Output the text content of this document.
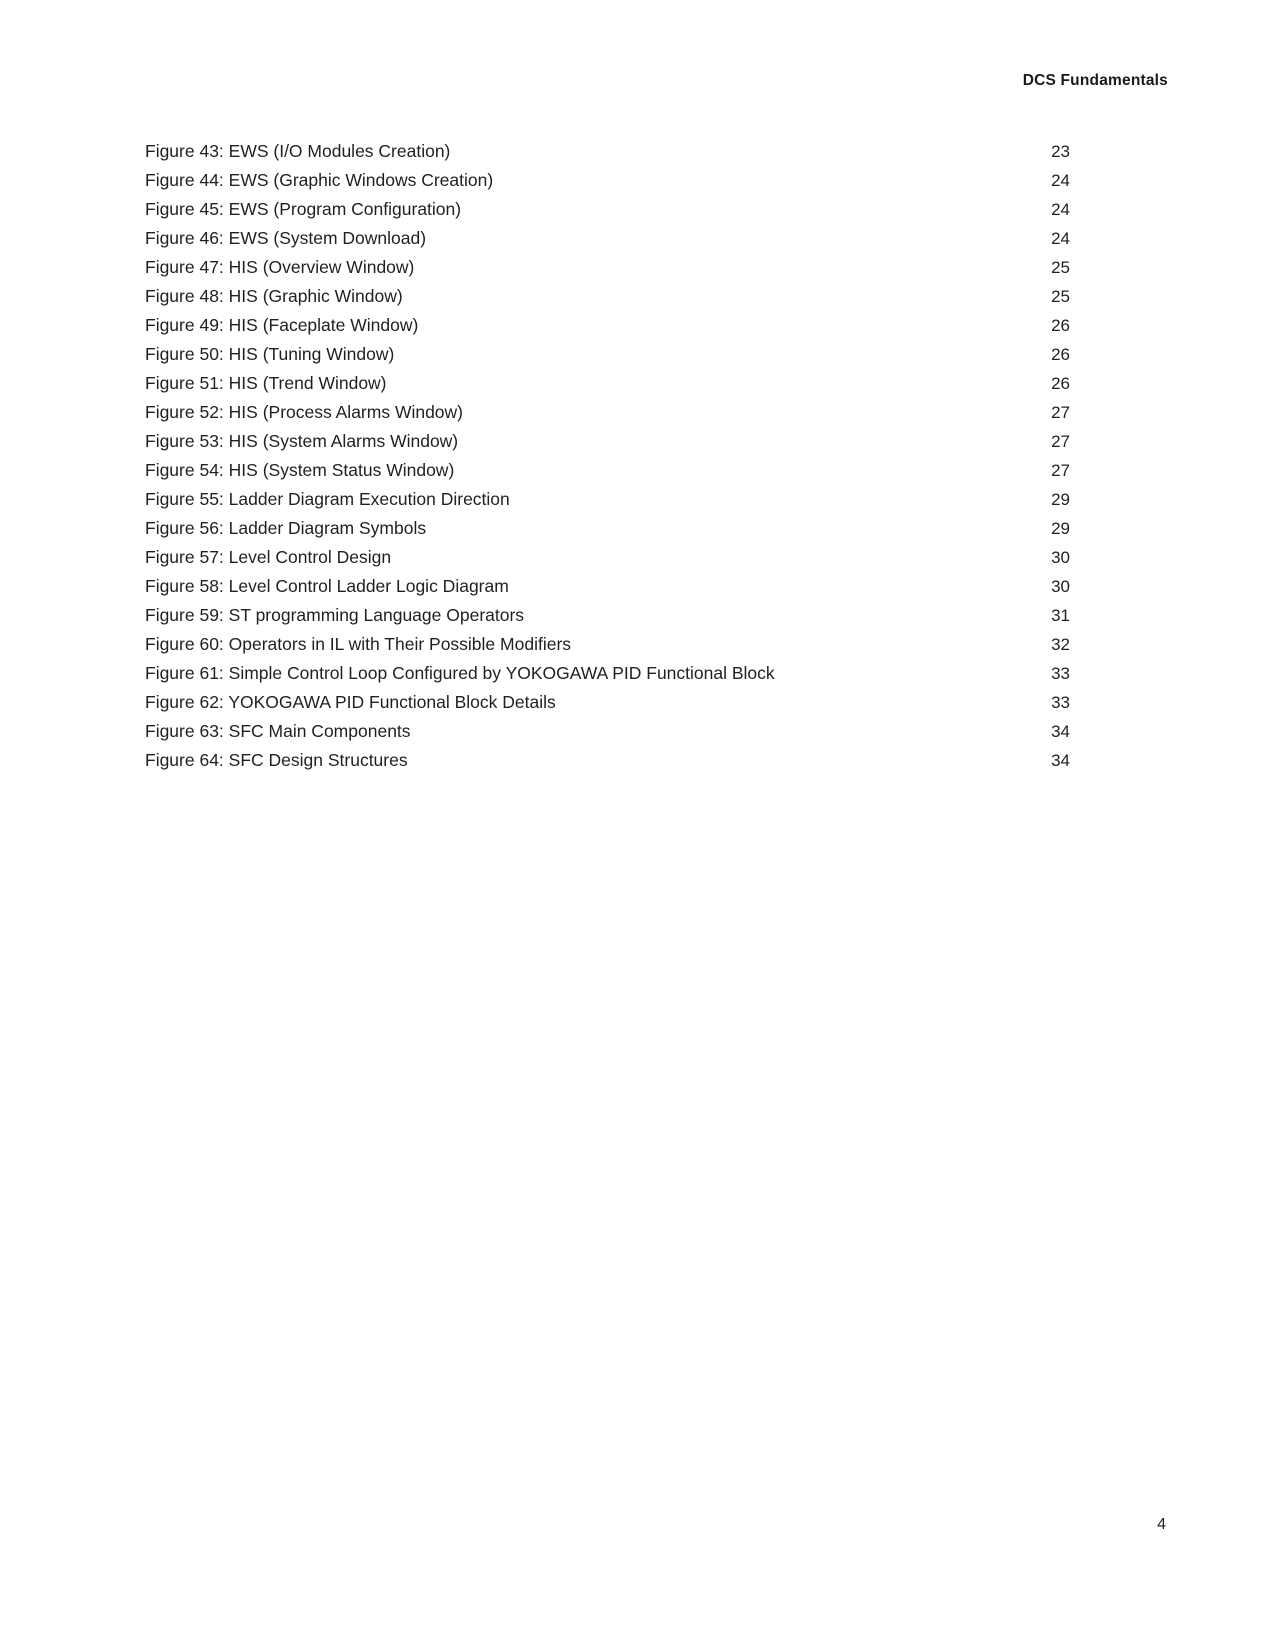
DCS Fundamentals
Figure 43: EWS (I/O Modules Creation)	23
Figure 44: EWS (Graphic Windows Creation)	24
Figure 45: EWS (Program Configuration)	24
Figure 46: EWS (System Download)	24
Figure 47: HIS (Overview Window)	25
Figure 48: HIS (Graphic Window)	25
Figure 49: HIS (Faceplate Window)	26
Figure 50: HIS (Tuning Window)	26
Figure 51: HIS (Trend Window)	26
Figure 52: HIS (Process Alarms Window)	27
Figure 53: HIS (System Alarms Window)	27
Figure 54: HIS (System Status Window)	27
Figure 55: Ladder Diagram Execution Direction	29
Figure 56: Ladder Diagram Symbols	29
Figure 57: Level Control Design	30
Figure 58: Level Control Ladder Logic Diagram	30
Figure 59: ST programming Language Operators	31
Figure 60: Operators in IL with Their Possible Modifiers	32
Figure 61: Simple Control Loop Configured by YOKOGAWA PID Functional Block	33
Figure 62: YOKOGAWA PID Functional Block Details	33
Figure 63: SFC Main Components	34
Figure 64: SFC Design Structures	34
4
